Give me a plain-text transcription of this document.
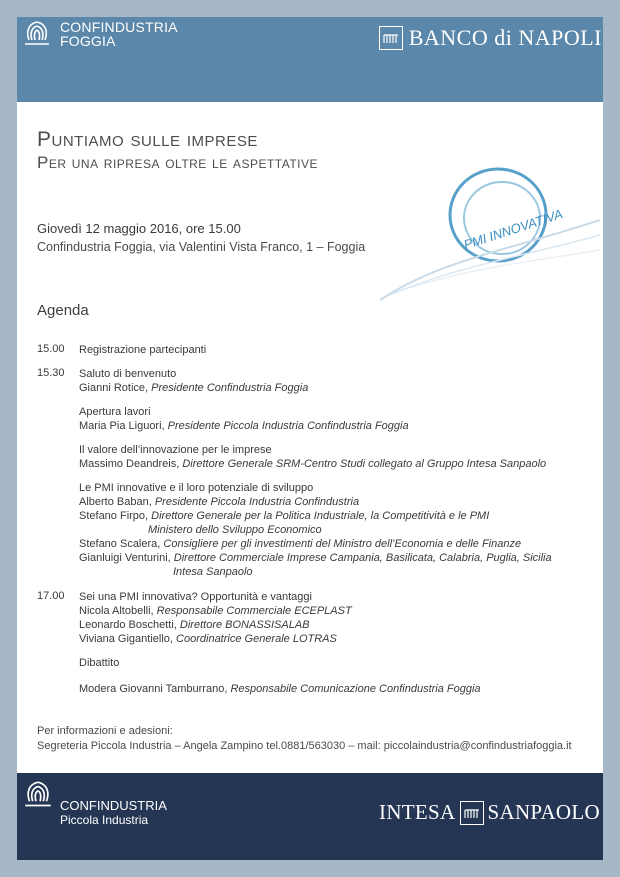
CONFINDUSTRIA
FOGGIA	BANCO di NAPOLI
Puntiamo sulle imprese
Per una ripresa oltre le aspettative
PMI INNOVATIVA
Giovedì 12 maggio 2016, ore 15.00
Confindustria Foggia, via Valentini Vista Franco, 1 – Foggia
Agenda
15.00 Registrazione partecipanti
15.30 Saluto di benvenuto
Gianni Rotice, Presidente Confindustria Foggia
Apertura lavori
Maria Pia Liguori, Presidente Piccola Industria Confindustria Foggia
Il valore dell’innovazione per le imprese
Massimo Deandreis, Direttore Generale SRM-Centro Studi collegato al Gruppo Intesa Sanpaolo
Le PMI innovative e il loro potenziale di sviluppo
Alberto Baban, Presidente Piccola Industria Confindustria
Stefano Firpo, Direttore Generale per la Politica Industriale, la Competitività e le PMI
Ministero dello Sviluppo Economico
Stefano Scalera, Consigliere per gli investimenti del Ministro dell’Economia e delle Finanze
Gianluigi Venturini, Direttore Commerciale Imprese Campania, Basilicata, Calabria, Puglia, Sicilia
Intesa Sanpaolo
17.00 Sei una PMI innovativa? Opportunità e vantaggi
Nicola Altobelli, Responsabile Commerciale ECEPLAST
Leonardo Boschetti, Direttore BONASSISALAB
Viviana Gigantiello, Coordinatrice Generale LOTRAS
Dibattito
Modera Giovanni Tamburrano, Responsabile Comunicazione Confindustria Foggia
Per informazioni e adesioni:
Segreteria Piccola Industria – Angela Zampino tel.0881/563030 – mail: piccolaindustria@confindustriafoggia.it
CONFINDUSTRIA
Piccola Industria	INTESA SANPAOLO
